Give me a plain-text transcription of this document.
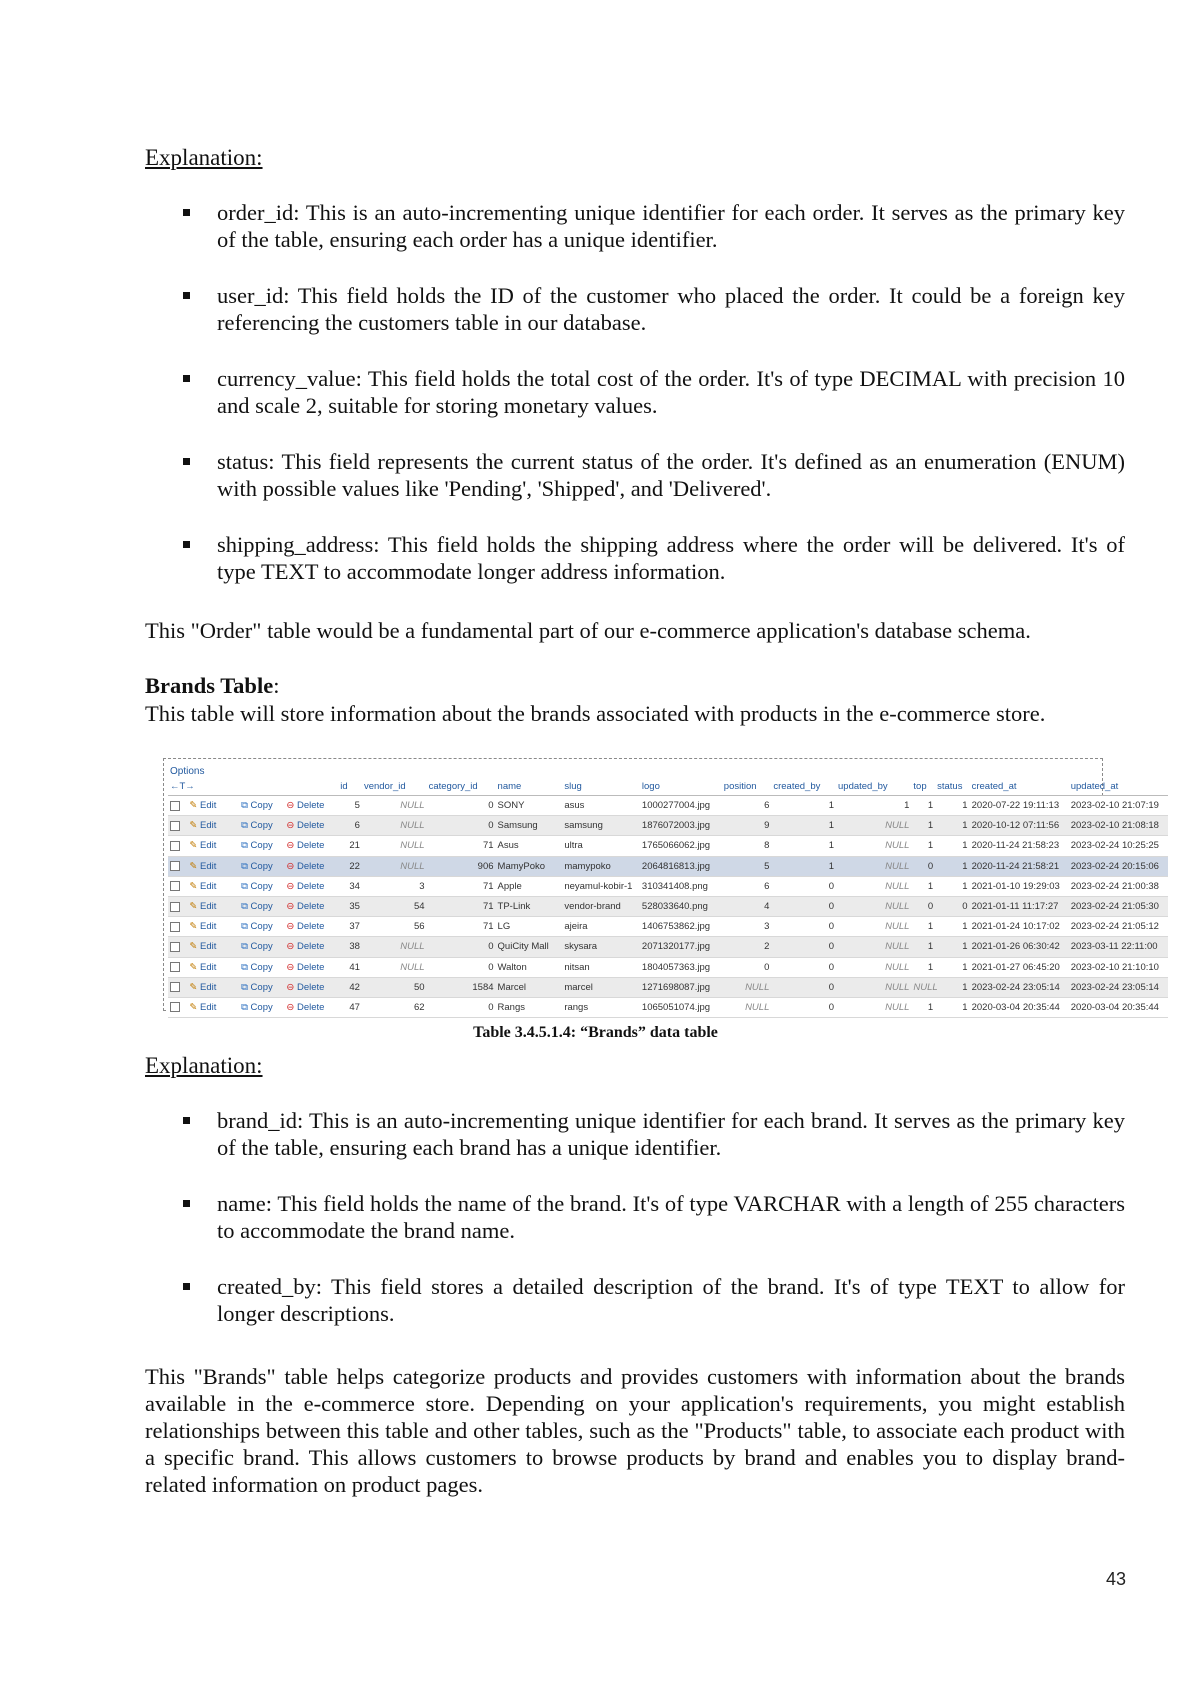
Explanation:
order_id: This is an auto-incrementing unique identifier for each order. It serves as the primary key of the table, ensuring each order has a unique identifier.
user_id: This field holds the ID of the customer who placed the order. It could be a foreign key referencing the customers table in our database.
currency_value: This field holds the total cost of the order. It's of type DECIMAL with precision 10 and scale 2, suitable for storing monetary values.
status: This field represents the current status of the order. It's defined as an enumeration (ENUM) with possible values like 'Pending', 'Shipped', and 'Delivered'.
shipping_address: This field holds the shipping address where the order will be delivered. It's of type TEXT to accommodate longer address information.

This "Order" table would be a fundamental part of our e-commerce application's database schema.

Brands Table:

This table will store information about the brands associated with products in the e-commerce store.

Options
←T→				id	vendor_id	category_id	name	slug	logo	position	created_by	updated_by	top	status	created_at	updated_at
	✎ Edit	⧉ Copy	⊖ Delete	5	NULL	0	SONY	asus	1000277004.jpg	6	1	1	1	1	2020-07-22 19:11:13	2023-02-10 21:07:19
	✎ Edit	⧉ Copy	⊖ Delete	6	NULL	0	Samsung	samsung	1876072003.jpg	9	1	NULL	1	1	2020-10-12 07:11:56	2023-02-10 21:08:18
	✎ Edit	⧉ Copy	⊖ Delete	21	NULL	71	Asus	ultra	1765066062.jpg	8	1	NULL	1	1	2020-11-24 21:58:23	2023-02-24 10:25:25
	✎ Edit	⧉ Copy	⊖ Delete	22	NULL	906	MamyPoko	mamypoko	2064816813.jpg	5	1	NULL	0	1	2020-11-24 21:58:21	2023-02-24 20:15:06
	✎ Edit	⧉ Copy	⊖ Delete	34	3	71	Apple	neyamul-kobir-1	310341408.png	6	0	NULL	1	1	2021-01-10 19:29:03	2023-02-24 21:00:38
	✎ Edit	⧉ Copy	⊖ Delete	35	54	71	TP-Link	vendor-brand	528033640.png	4	0	NULL	0	0	2021-01-11 11:17:27	2023-02-24 21:05:30
	✎ Edit	⧉ Copy	⊖ Delete	37	56	71	LG	ajeira	1406753862.jpg	3	0	NULL	1	1	2021-01-24 10:17:02	2023-02-24 21:05:12
	✎ Edit	⧉ Copy	⊖ Delete	38	NULL	0	QuiCity Mall	skysara	2071320177.jpg	2	0	NULL	1	1	2021-01-26 06:30:42	2023-03-11 22:11:00
	✎ Edit	⧉ Copy	⊖ Delete	41	NULL	0	Walton	nitsan	1804057363.jpg	0	0	NULL	1	1	2021-01-27 06:45:20	2023-02-10 21:10:10
	✎ Edit	⧉ Copy	⊖ Delete	42	50	1584	Marcel	marcel	1271698087.jpg	NULL	0	NULL	NULL	1	2023-02-24 23:05:14	2023-02-24 23:05:14
	✎ Edit	⧉ Copy	⊖ Delete	47	62	0	Rangs	rangs	1065051074.jpg	NULL	0	NULL	1	1	2020-03-04 20:35:44	2020-03-04 20:35:44
Table 3.4.5.1.4: “Brands” data table
Explanation:
brand_id: This is an auto-incrementing unique identifier for each brand. It serves as the primary key of the table, ensuring each brand has a unique identifier.
name: This field holds the name of the brand. It's of type VARCHAR with a length of 255 characters to accommodate the brand name.
created_by: This field stores a detailed description of the brand. It's of type TEXT to allow for longer descriptions.

This "Brands" table helps categorize products and provides customers with information about the brands available in the e-commerce store. Depending on your application's requirements, you might establish relationships between this table and other tables, such as the "Products" table, to associate each product with a specific brand. This allows customers to browse products by brand and enables you to display brand-related information on product pages.

43
